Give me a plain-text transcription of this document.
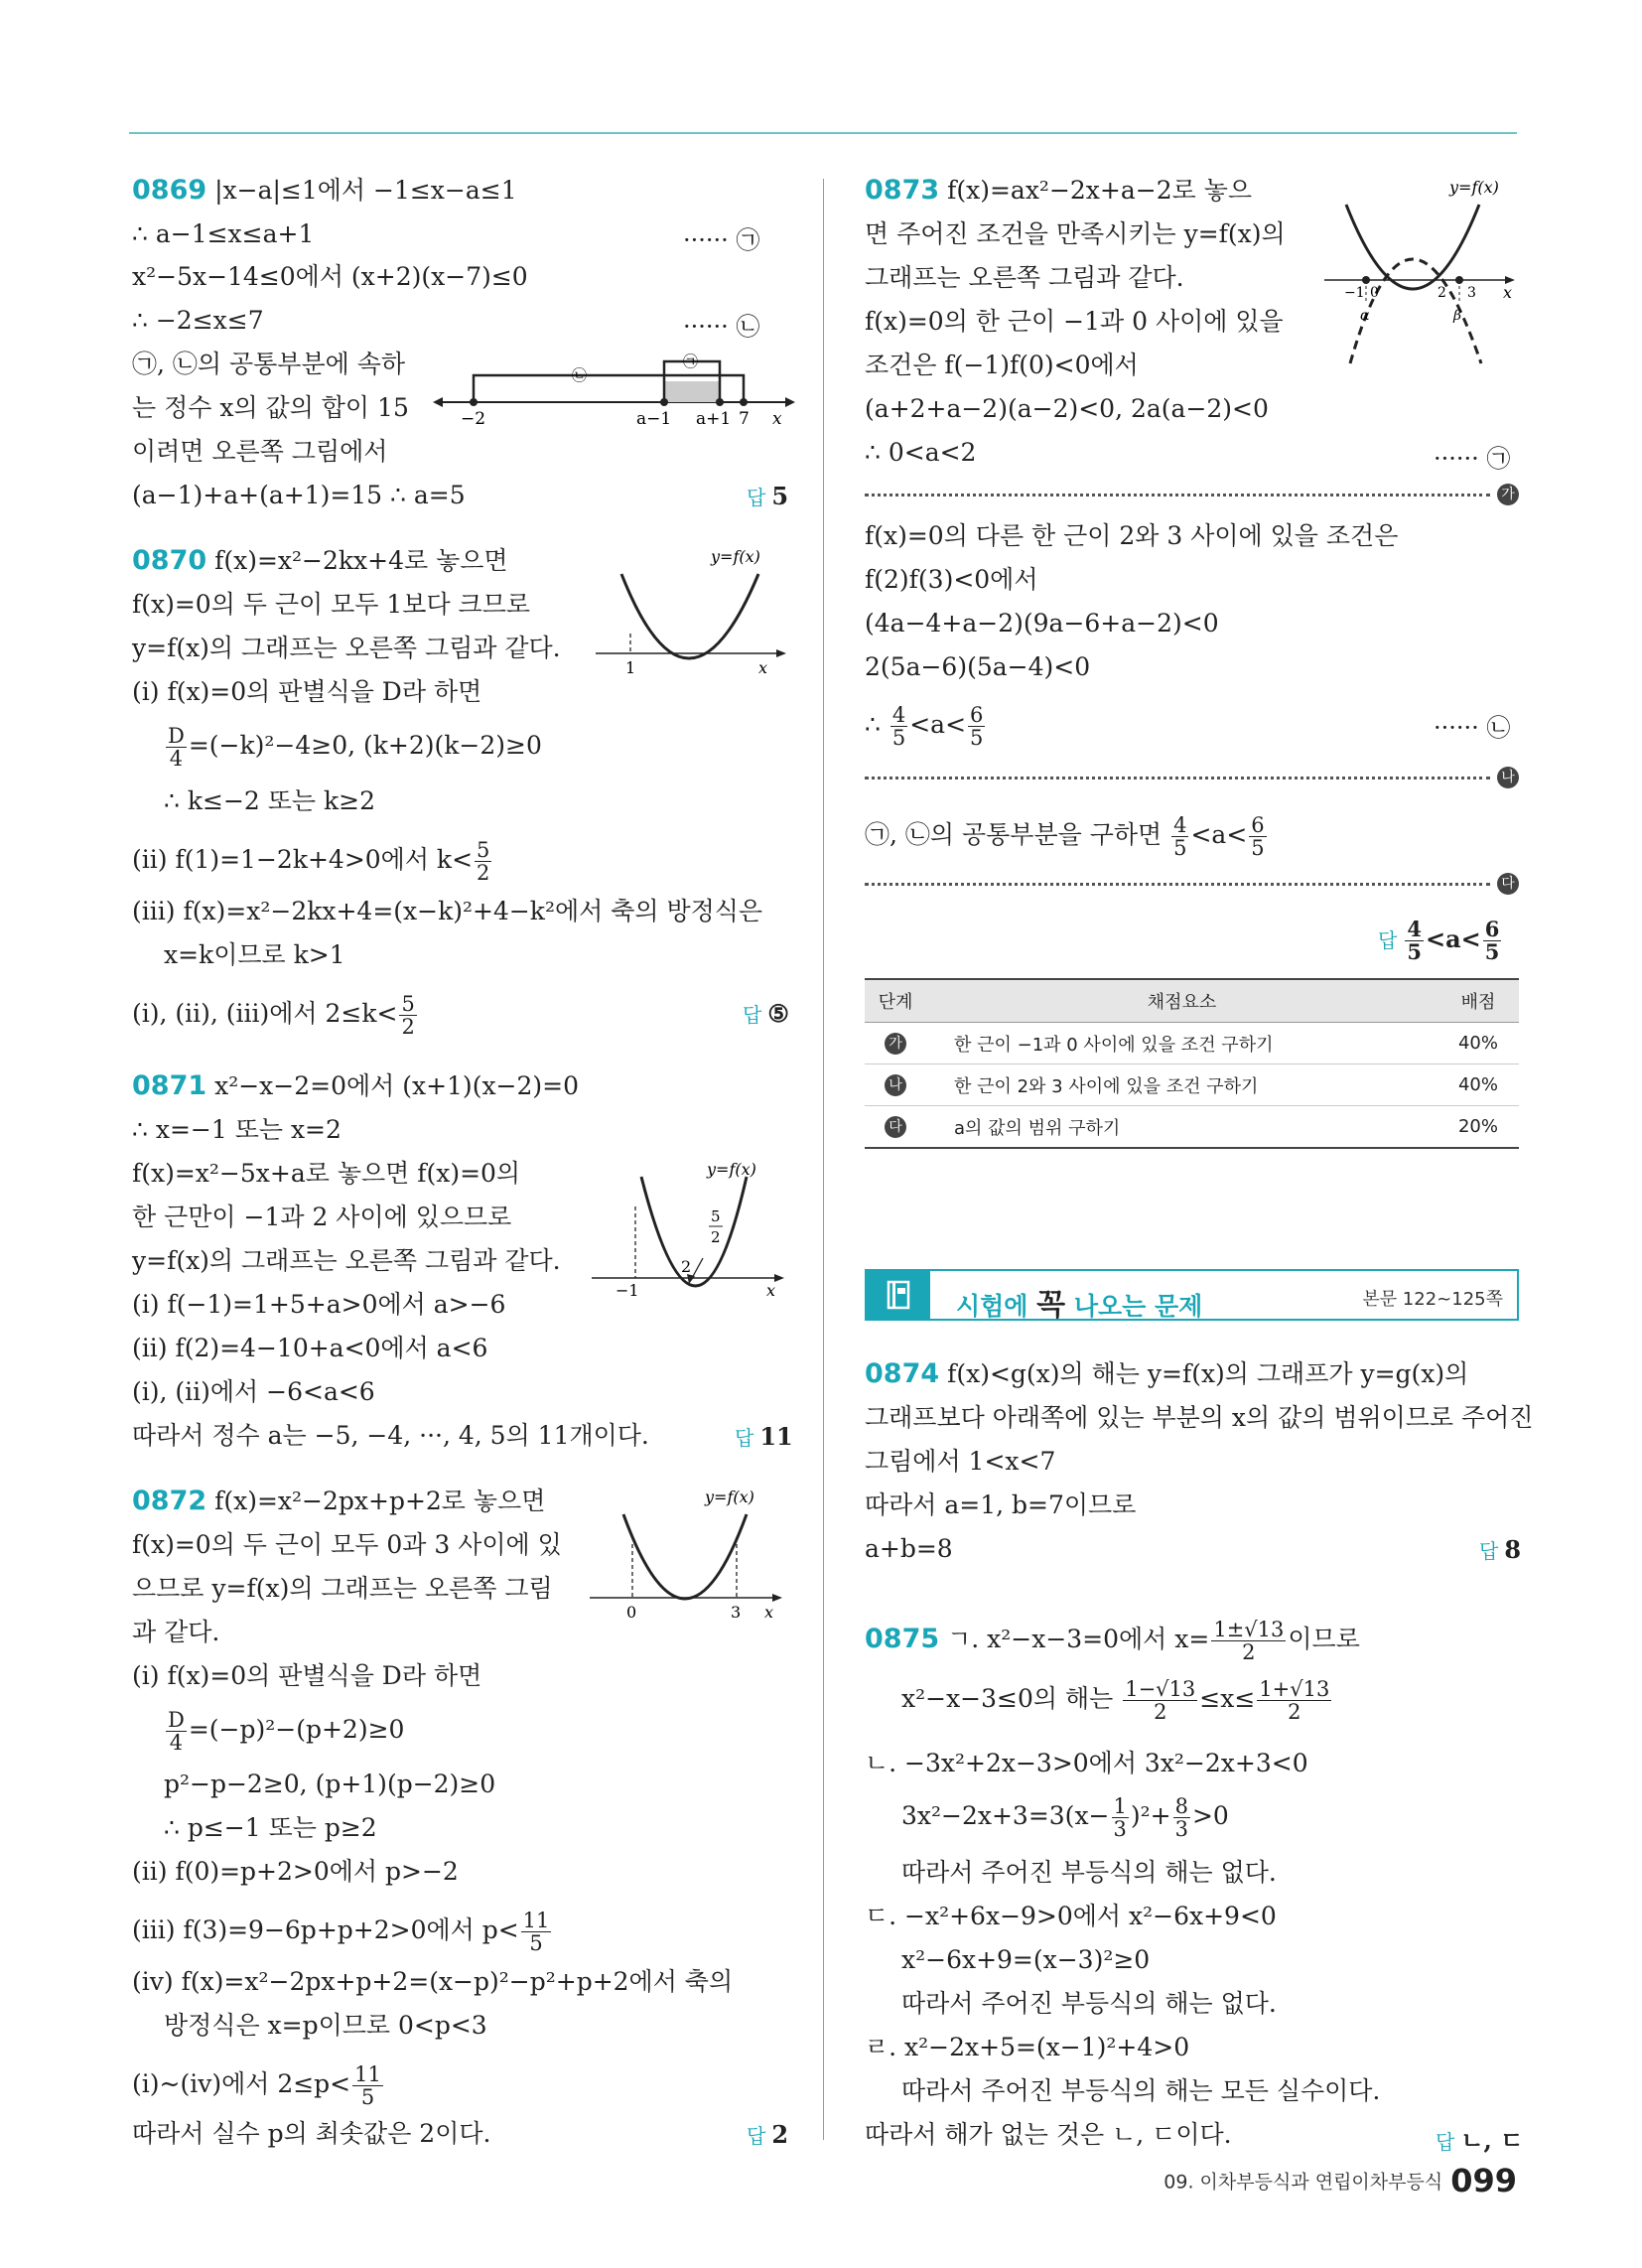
0869 |x−a|≤1에서 −1≤x−a≤1
∴ a−1≤x≤a+1	······ ㉠
x²−5x−14≤0에서 (x+2)(x−7)≤0
∴ −2≤x≤7	······ ㉡
㉠, ㉡의 공통부분에 속하
는 정수 x의 값의 합이 15
이려면 오른쪽 그림에서
(a−1)+a+(a+1)=15 ∴ a=5	답 5
㉡
㉠
−2	a−1 a+1 7 x
0870 f(x)=x²−2kx+4로 놓으면
f(x)=0의 두 근이 모두 1보다 크므로
y=f(x)의 그래프는 오른쪽 그림과 같다.
(i) f(x)=0의 판별식을 D라 하면
$\frac{D}{4} =(-k)^2-4\ge 0$, (k+2)(k−2)≥0
∴ k≤−2 또는 k≥2
(ii) f(1)=1−2k+4>0에서 $k< \frac{5}{2}$
(iii) f(x)=x²−2kx+4=(x−k)²+4−k²에서 축의 방정식은
x=k이므로 k>1
(i), (ii), (iii)에서 $2\le k< \frac{5}{2}$	답 ⑤
y=f(x)
1	x
0871 x²−x−2=0에서 (x+1)(x−2)=0
∴ x=−1 또는 x=2
f(x)=x²−5x+a로 놓으면 f(x)=0의
한 근만이 −1과 2 사이에 있으므로
y=f(x)의 그래프는 오른쪽 그림과 같다.
(i) f(−1)=1+5+a>0에서 a>−6
(ii) f(2)=4−10+a<0에서 a<6
(i), (ii)에서 −6<a<6
따라서 정수 a는 −5, −4, ···, 4, 5의 11개이다.	답 11
y=f(x)
−1
2
x
5
2
0872 f(x)=x²−2px+p+2로 놓으면
f(x)=0의 두 근이 모두 0과 3 사이에 있
으므로 y=f(x)의 그래프는 오른쪽 그림
과 같다.
(i) f(x)=0의 판별식을 D라 하면
$\frac{D}{4} =(-p)^2-(p+2)\ge 0$
p²−p−2≥0, (p+1)(p−2)≥0
∴ p≤−1 또는 p≥2
(ii) f(0)=p+2>0에서 p>−2
(iii) f(3)=9−6p+p+2>0에서 $p< \frac{11}{5}$
(iv) f(x)=x²−2px+p+2=(x−p)²−p²+p+2에서 축의
방정식은 x=p이므로 0<p<3
(i)~(iv)에서 $2\le p< \frac{11}{5}$
따라서 실수 p의 최솟값은 2이다.	답 2
y=f(x)
0	3 x
0873 f(x)=ax²−2x+a−2로 놓으
면 주어진 조건을 만족시키는 y=f(x)의
그래프는 오른쪽 그림과 같다.
f(x)=0의 한 근이 −1과 0 사이에 있을
조건은 f(−1)f(0)<0에서
(a+2+a−2)(a−2)<0, 2a(a−2)<0
∴ 0<a<2	······ ㉠
가
f(x)=0의 다른 한 근이 2와 3 사이에 있을 조건은
f(2)f(3)<0에서
(4a−4+a−2)(9a−6+a−2)<0
2(5a−6)(5a−4)<0
∴ $\frac{4}{5} <a< \frac{6}{5}$	······ ㉡
나
㉠, ㉡의 공통부분을 구하면 $\frac{4}{5} <a< \frac{6}{5}$
다
답 $\frac{4}{5} <a< \frac{6}{5}$
y=f(x)
−1 0	2 3 x
α	β
단계	채점요소	배점
가	한 근이 −1과 0 사이에 있을 조건 구하기	40%
나	한 근이 2와 3 사이에 있을 조건 구하기	40%
다	a의 값의 범위 구하기	20%
시험에 꼭 나오는 문제	본문 122~125쪽
0874 f(x)<g(x)의 해는 y=f(x)의 그래프가 y=g(x)의
그래프보다 아래쪽에 있는 부분의 x의 값의 범위이므로 주어진
그림에서 1<x<7
따라서 a=1, b=7이므로
a+b=8	답 8
0875 ㄱ. x²−x−3=0에서 $x= \frac{1\pm√13}{2}$ 이므로
x²−x−3≤0의 해는 $\frac{1-√13}{2} \le x\le \frac{1+√13}{2}$
ㄴ. −3x²+2x−3>0에서 3x²−2x+3<0
$3x^2-2x+3=3(x- \frac{1}{3} )^2+ \frac{8}{3} >0$
따라서 주어진 부등식의 해는 없다.
ㄷ. −x²+6x−9>0에서 x²−6x+9<0
x²−6x+9=(x−3)²≥0
따라서 주어진 부등식의 해는 없다.
ㄹ. x²−2x+5=(x−1)²+4>0
따라서 주어진 부등식의 해는 모든 실수이다.
따라서 해가 없는 것은 ㄴ, ㄷ이다.	답 ㄴ, ㄷ
09. 이차부등식과 연립이차부등식 099
